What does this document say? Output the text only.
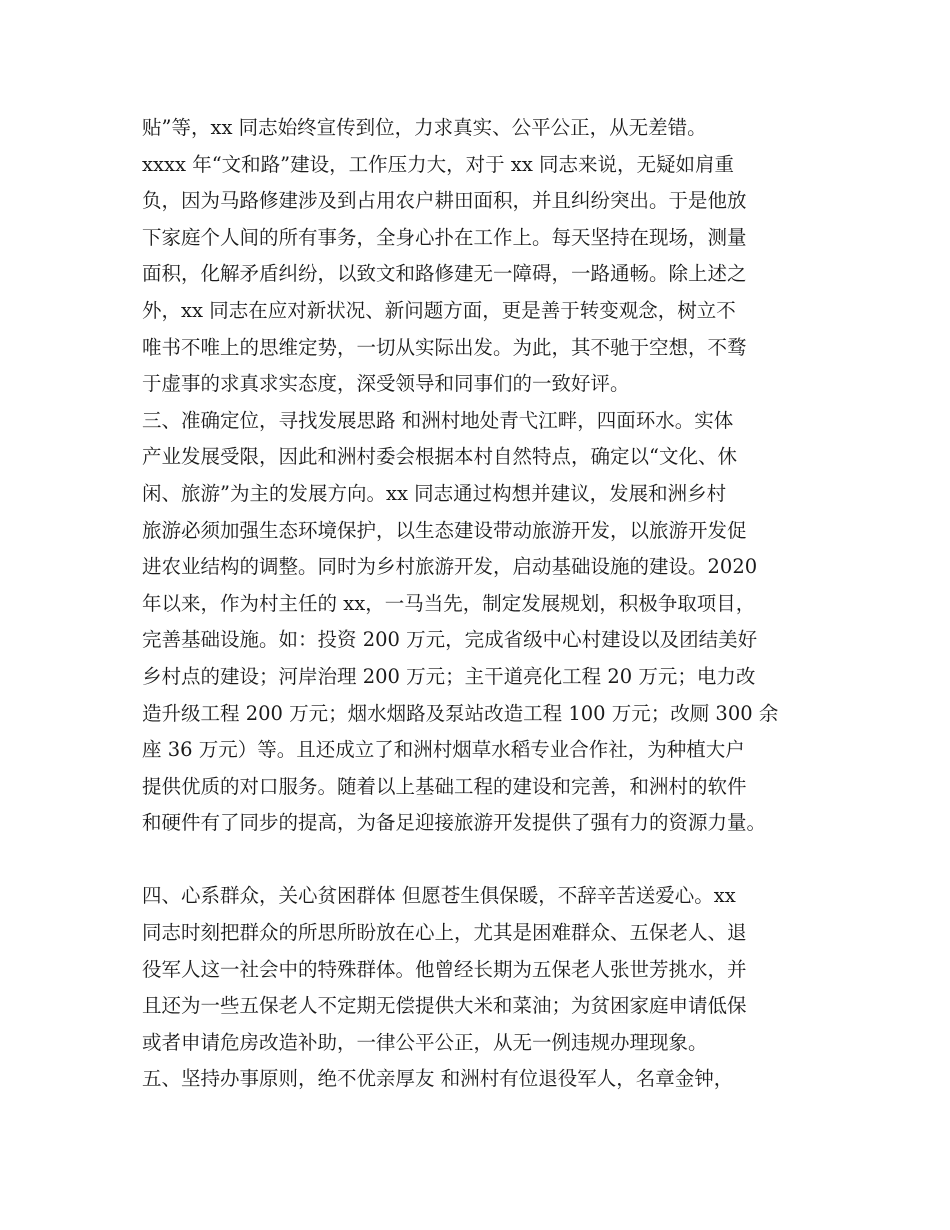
贴”等，xx 同志始终宣传到位，力求真实、公平公正，从无差错。
xxxx 年“文和路”建设，工作压力大，对于 xx 同志来说，无疑如肩重
负，因为马路修建涉及到占用农户耕田面积，并且纠纷突出。于是他放
下家庭个人间的所有事务，全身心扑在工作上。每天坚持在现场，测量
面积，化解矛盾纠纷，以致文和路修建无一障碍，一路通畅。除上述之
外，xx 同志在应对新状况、新问题方面，更是善于转变观念，树立不
唯书不唯上的思维定势，一切从实际出发。为此，其不驰于空想，不骛
于虚事的求真求实态度，深受领导和同事们的一致好评。
三、准确定位，寻找发展思路 和洲村地处青弋江畔，四面环水。实体
产业发展受限，因此和洲村委会根据本村自然特点，确定以“文化、休
闲、旅游”为主的发展方向。xx 同志通过构想并建议，发展和洲乡村
旅游必须加强生态环境保护，以生态建设带动旅游开发，以旅游开发促
进农业结构的调整。同时为乡村旅游开发，启动基础设施的建设。2020
年以来，作为村主任的 xx，一马当先，制定发展规划，积极争取项目，
完善基础设施。如：投资 200 万元，完成省级中心村建设以及团结美好
乡村点的建设；河岸治理 200 万元；主干道亮化工程 20 万元；电力改
造升级工程 200 万元；烟水烟路及泵站改造工程 100 万元；改厕 300 余
座 36 万元）等。且还成立了和洲村烟草水稻专业合作社，为种植大户
提供优质的对口服务。随着以上基础工程的建设和完善，和洲村的软件
和硬件有了同步的提高，为备足迎接旅游开发提供了强有力的资源力量。
四、心系群众，关心贫困群体 但愿苍生俱保暖，不辞辛苦送爱心。xx
同志时刻把群众的所思所盼放在心上，尤其是困难群众、五保老人、退
役军人这一社会中的特殊群体。他曾经长期为五保老人张世芳挑水，并
且还为一些五保老人不定期无偿提供大米和菜油；为贫困家庭申请低保
或者申请危房改造补助，一律公平公正，从无一例违规办理现象。
五、坚持办事原则，绝不优亲厚友 和洲村有位退役军人，名章金钟，
